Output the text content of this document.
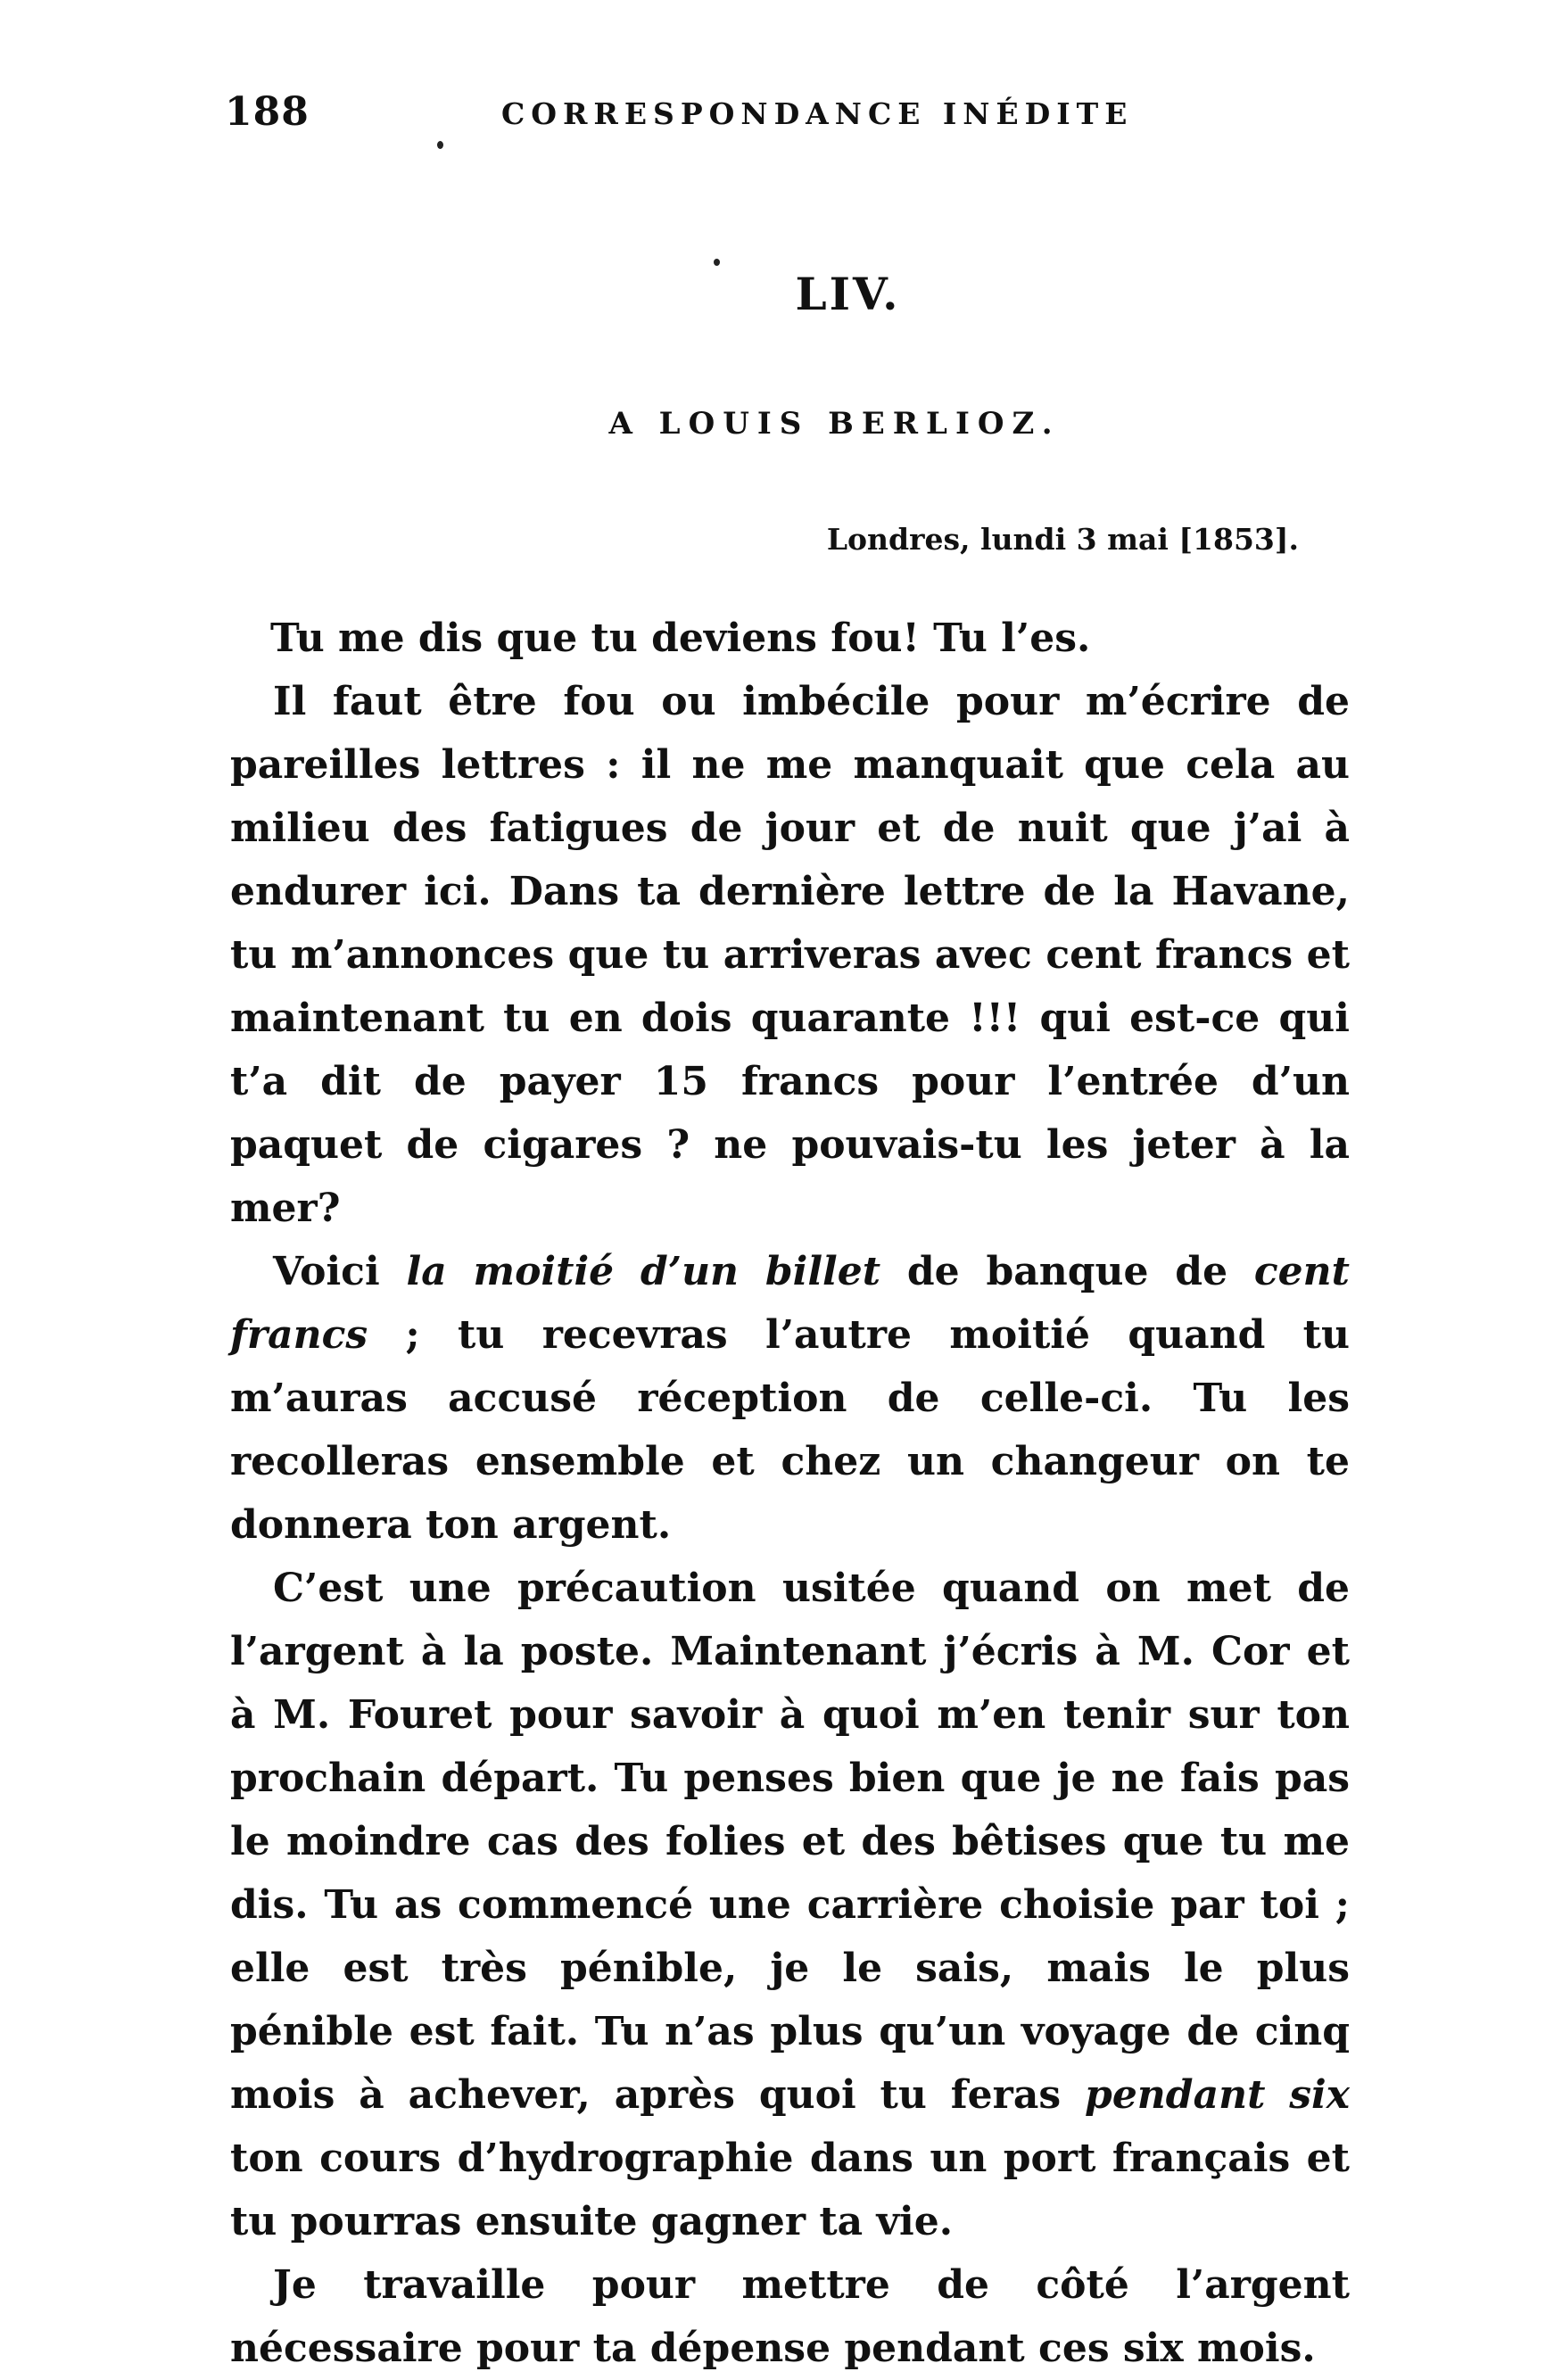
188	CORRESPONDANCE INÉDITE
LIV.
A LOUIS BERLIOZ.
Londres, lundi 3 mai [1853].

Tu me dis que tu deviens fou! Tu l’es.

Il faut être fou ou imbécile pour m’écrire de pareilles lettres : il ne me manquait que cela au milieu des fatigues de jour et de nuit que j’ai à endurer ici. Dans ta dernière lettre de la Havane, tu m’annonces que tu arriveras avec cent francs et maintenant tu en dois quarante !!! qui est-ce qui t’a dit de payer 15 francs pour l’entrée d’un paquet de cigares ? ne pouvais-tu les jeter à la mer?

Voici la moitié d’un billet de banque de cent francs ; tu recevras l’autre moitié quand tu m’auras accusé réception de celle-ci. Tu les recolleras ensemble et chez un changeur on te donnera ton argent.

C’est une précaution usitée quand on met de l’argent à la poste. Maintenant j’écris à M. Cor et à M. Fouret pour savoir à quoi m’en tenir sur ton prochain départ. Tu penses bien que je ne fais pas le moindre cas des folies et des bêtises que tu me dis. Tu as commencé une carrière choisie par toi ; elle est très pénible, je le sais, mais le plus pénible est fait. Tu n’as plus qu’un voyage de cinq mois à achever, après quoi tu feras pendant six ton cours d’hydrographie dans un port français et tu pourras ensuite gagner ta vie.

Je travaille pour mettre de côté l’argent nécessaire pour ta dépense pendant ces six mois.
